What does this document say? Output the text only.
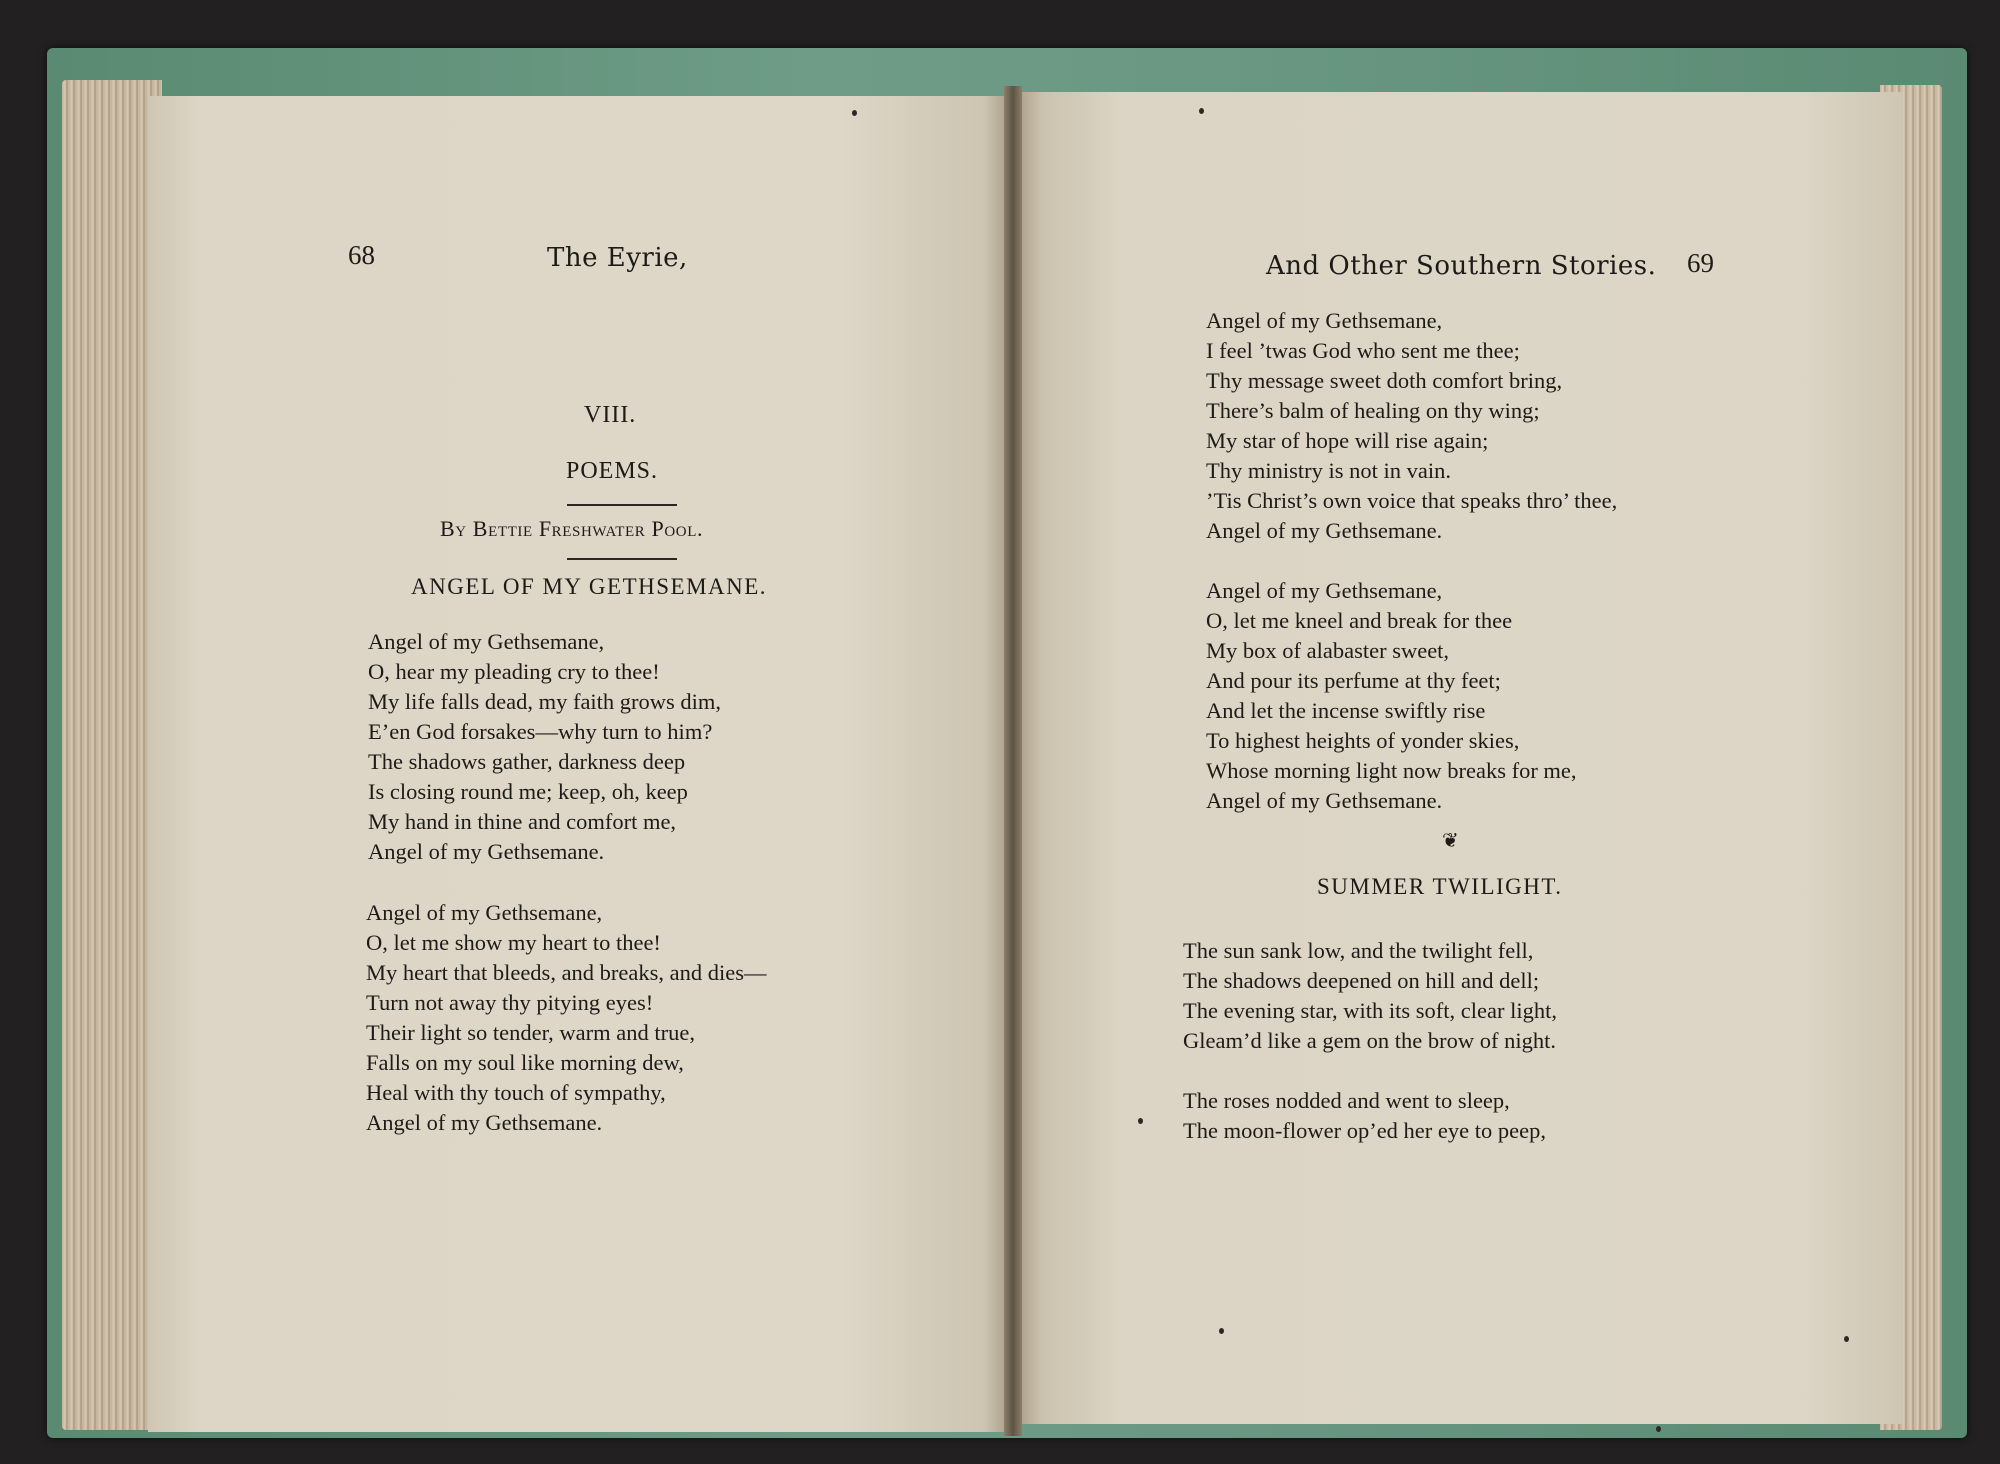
68	The Eyrie,
VIII.
POEMS.
By Bettie Freshwater Pool.
ANGEL OF MY GETHSEMANE.
Angel of my Gethsemane,
O, hear my pleading cry to thee!
My life falls dead, my faith grows dim,
E’en God forsakes—why turn to him?
The shadows gather, darkness deep
Is closing round me; keep, oh, keep
My hand in thine and comfort me,
Angel of my Gethsemane.
Angel of my Gethsemane,
O, let me show my heart to thee!
My heart that bleeds, and breaks, and dies—
Turn not away thy pitying eyes!
Their light so tender, warm and true,
Falls on my soul like morning dew,
Heal with thy touch of sympathy,
Angel of my Gethsemane.
And Other Southern Stories. 69
Angel of my Gethsemane,
I feel ’twas God who sent me thee;
Thy message sweet doth comfort bring,
There’s balm of healing on thy wing;
My star of hope will rise again;
Thy ministry is not in vain.
’Tis Christ’s own voice that speaks thro’ thee,
Angel of my Gethsemane.
Angel of my Gethsemane,
O, let me kneel and break for thee
My box of alabaster sweet,
And pour its perfume at thy feet;
And let the incense swiftly rise
To highest heights of yonder skies,
Whose morning light now breaks for me,
Angel of my Gethsemane.
❦
SUMMER TWILIGHT.
The sun sank low, and the twilight fell,
The shadows deepened on hill and dell;
The evening star, with its soft, clear light,
Gleam’d like a gem on the brow of night.
The roses nodded and went to sleep,
The moon-flower op’ed her eye to peep,
